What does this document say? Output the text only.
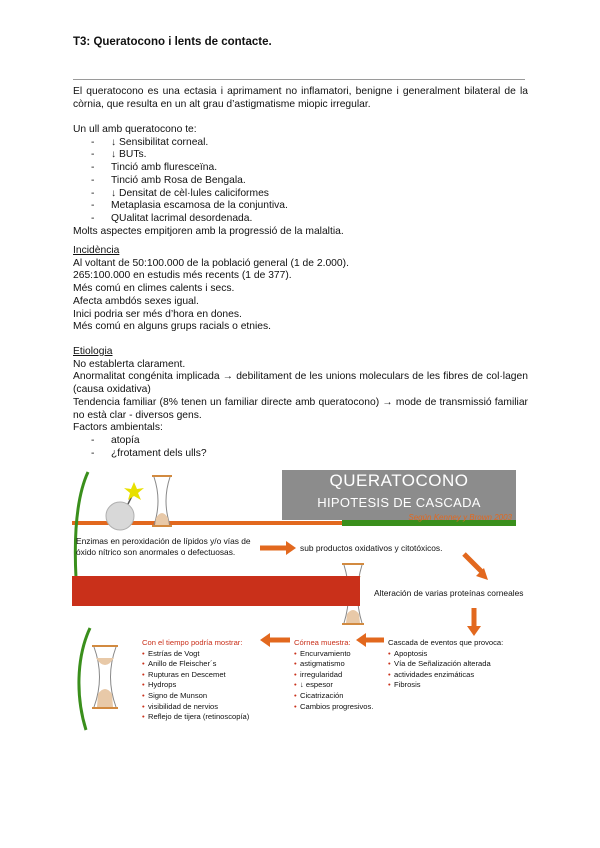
T3: Queratocono i lents de contacte.

El queratocono es una ectasia i aprimament no inflamatori, benigne i generalment bilateral de la còrnia, que resulta en un alt grau d’astigmatisme miopic irregular.

Un ull amb queratocono te:

- ↓ Sensibilitat corneal.
- ↓ BUTs.
- Tinció amb fluresceïna.
- Tinció amb Rosa de Bengala.
- ↓ Densitat de cèl·lules caliciformes
- Metaplasia escamosa de la conjuntiva.
- QUalitat lacrimal desordenada.

Molts aspectes empitjoren amb la progressió de la malaltia.

Incidència

Al voltant de 50:100.000 de la població general (1 de 2.000).

265:100.000 en estudis més recents (1 de 377).

Més comú en climes calents i secs.

Afecta ambdós sexes igual.

Inici podria ser més d’hora en dones.

Més comú en alguns grups racials o etnies.

Etiologia

No establerta clarament.

Anormalitat congénita implicada → debilitament de les unions moleculars de les fibres de col·lagen (causa oxidativa)

Tendencia familiar (8% tenen un familiar directe amb queratocono) → mode de transmissió familiar no està clar - diversos gens.

Factors ambientals:

- atopía
- ¿frotament dels ulls?
QUERATOCONO
HIPOTESIS DE CASCADA
Según Kenney y Brown 2003
Enzimas en peroxidación de lípidos y/o vías de óxido nítrico son anormales o defectuosas.	sub productos oxidativos y citotóxicos.
Alteración de varias proteínas corneales
Cascada de eventos que provoca:
• Apoptosis
• Vía de Señalización alterada
• actividades enzimáticas
• Fibrosis
Córnea muestra:
• Encurvamiento
• astigmatismo
• irregularidad
• ↓ espesor
• Cicatrización
• Cambios progresivos.
Con el tiempo podría mostrar:
• Estrías de Vogt
• Anillo de Fleischer´s
• Rupturas en Descemet
• Hydrops
• Signo de Munson
• visibilidad de nervios
• Reflejo de tijera (retinoscopía)
